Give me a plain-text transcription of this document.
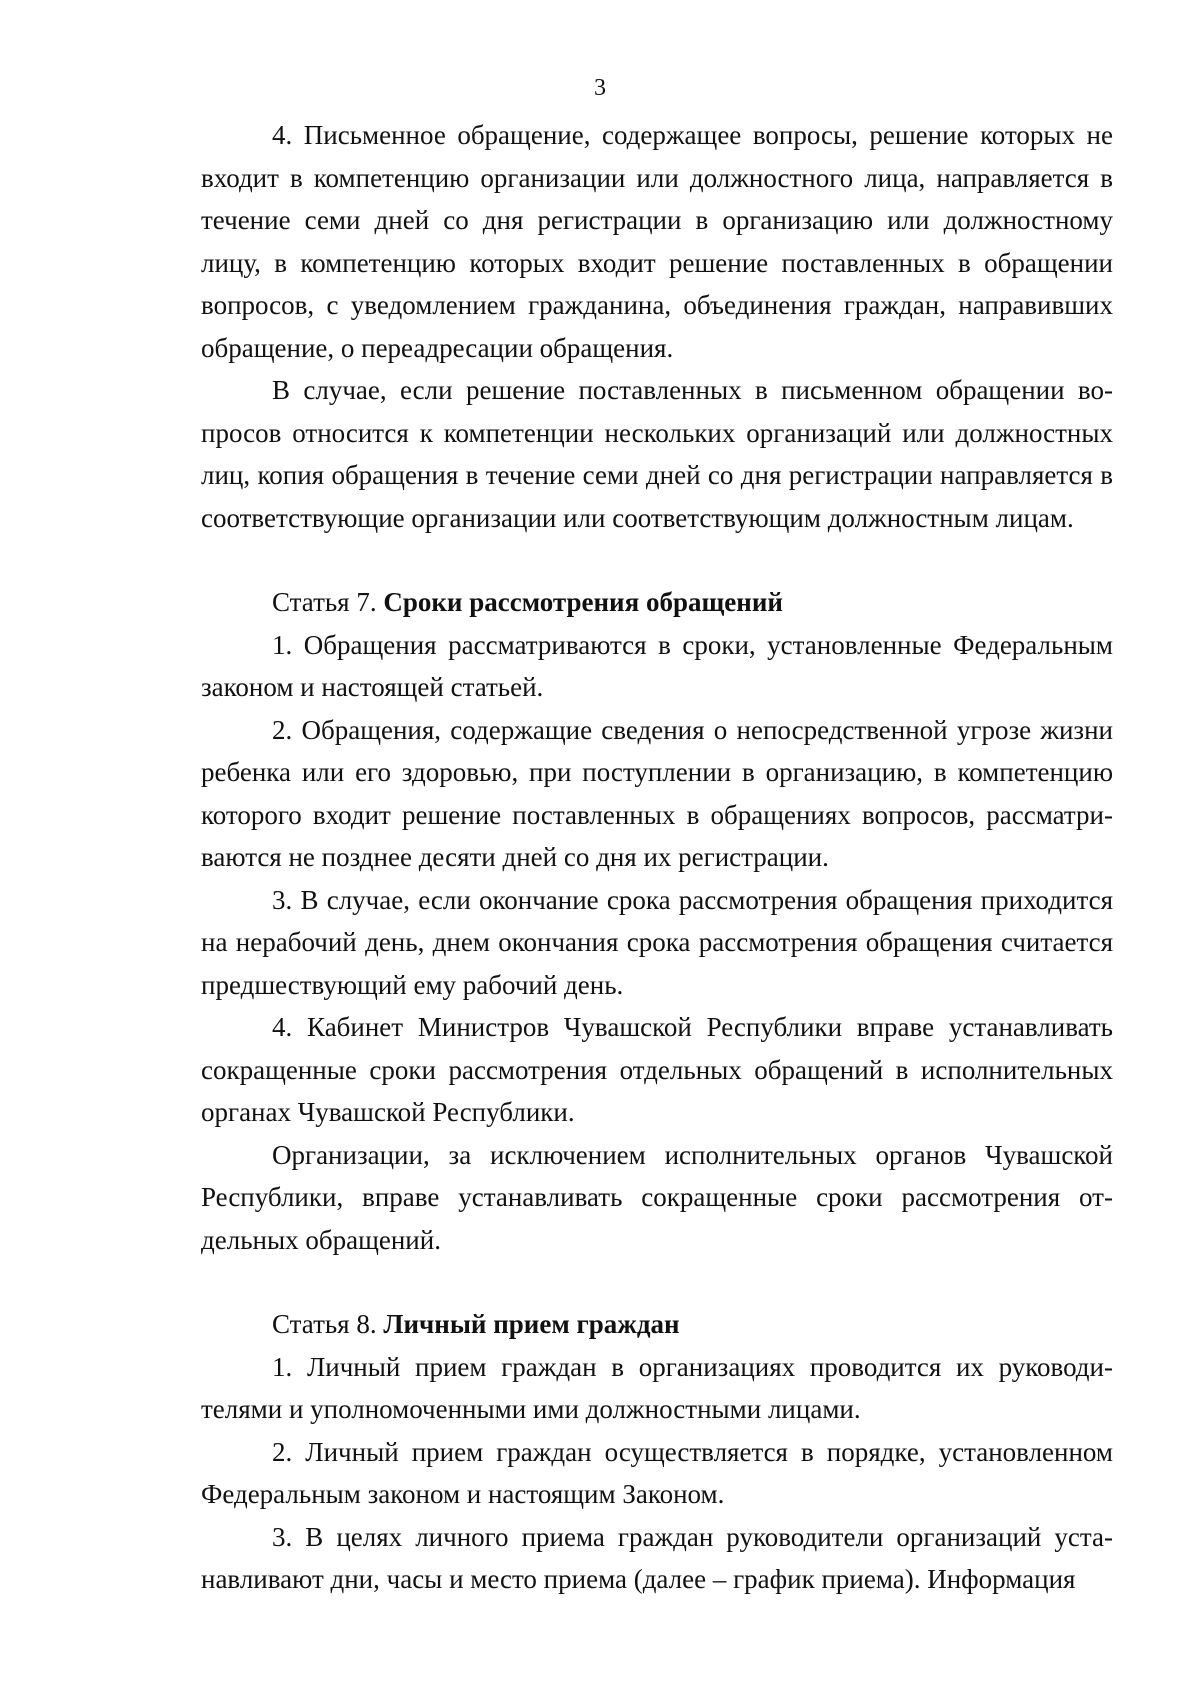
3

4. Письменное обращение, содержащее вопросы, решение которых не входит в компетенцию организации или должностного лица, направляется в течение семи дней со дня регистрации в организацию или должностному лицу, в компетенцию которых входит решение поставленных в обращении вопросов, с уведомлением гражданина, объединения граждан, направивших обращение, о переадресации обращения.

В случае, если решение поставленных в письменном обращении вопросов относится к компетенции нескольких организаций или должностных лиц, копия обращения в течение семи дней со дня регистрации направляется в соответствующие организации или соответствующим должностным лицам.

Статья 7. Сроки рассмотрения обращений

1. Обращения рассматриваются в сроки, установленные Федеральным законом и настоящей статьей.

2. Обращения, содержащие сведения о непосредственной угрозе жизни ребенка или его здоровью, при поступлении в организацию, в компетенцию которого входит решение поставленных в обращениях вопросов, рассматриваются не позднее десяти дней со дня их регистрации.

3. В случае, если окончание срока рассмотрения обращения приходится на нерабочий день, днем окончания срока рассмотрения обращения считается предшествующий ему рабочий день.

4. Кабинет Министров Чувашской Республики вправе устанавливать сокращенные сроки рассмотрения отдельных обращений в исполнительных органах Чувашской Республики.

Организации, за исключением исполнительных органов Чувашской Республики, вправе устанавливать сокращенные сроки рассмотрения отдельных обращений.

Статья 8. Личный прием граждан

1. Личный прием граждан в организациях проводится их руководителями и уполномоченными ими должностными лицами.

2. Личный прием граждан осуществляется в порядке, установленном Федеральным законом и настоящим Законом.

3. В целях личного приема граждан руководители организаций устанавливают дни, часы и место приема (далее – график приема). Информация
